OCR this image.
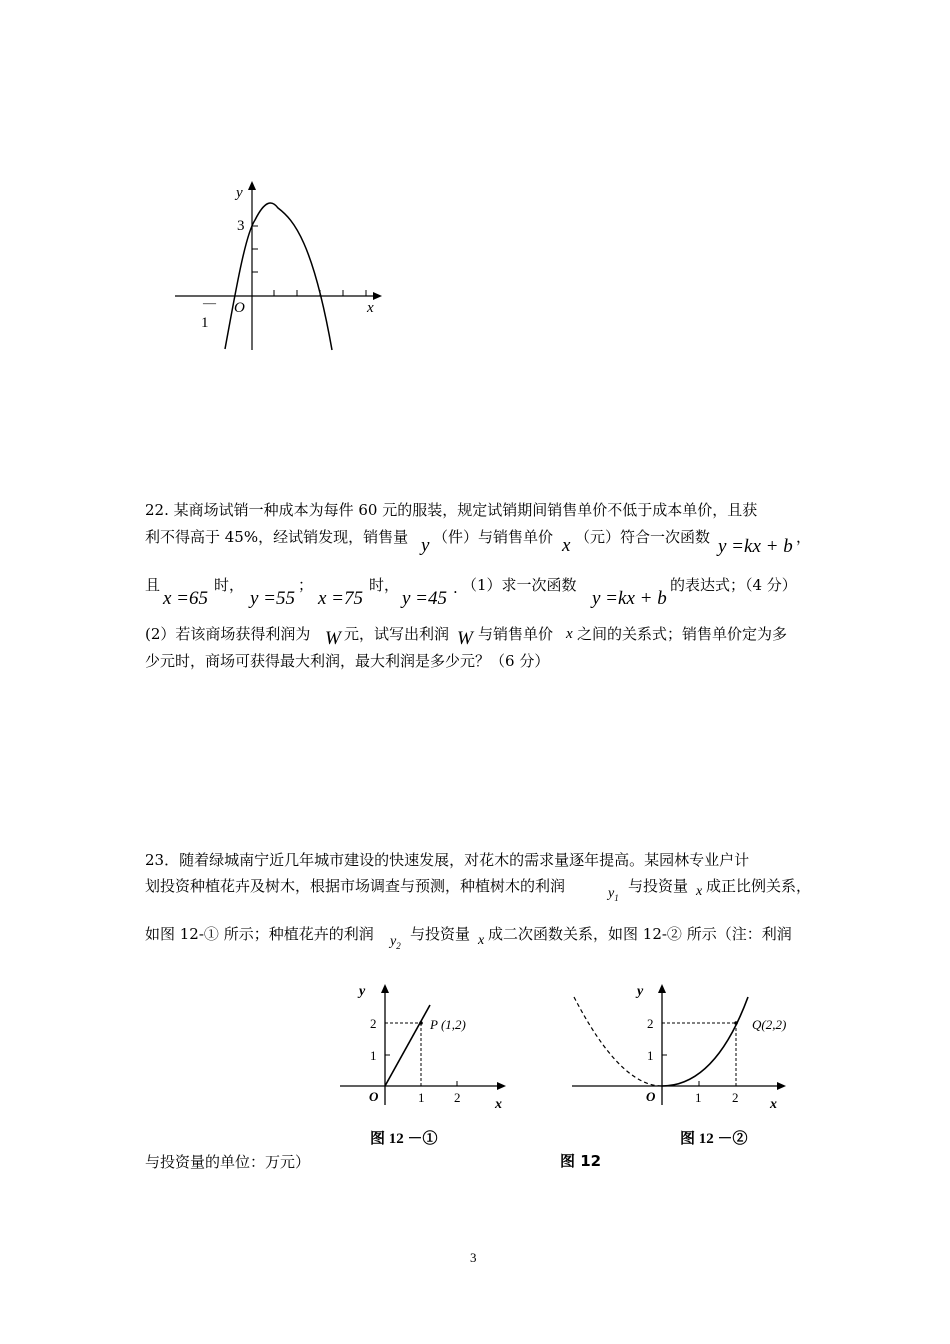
y
3
O	x
—
1
22. 某商场试销一种成本为每件 60 元的服装，规定试销期间销售单价不低于成本单价，且获
利不得高于 45%，经试销发现，销售量 y （件）与销售单价 x （元）符合一次函数 y =kx + b ，
且
x =65
时，
y =55
；
x =75
时，
y =45 . （1）求一次函数
y =kx + b
的表达式；（4 分）
(2）若该商场获得利润为 W 元，试写出利润 W 与销售单价 x 之间的关系式；销售单价定为多
少元时，商场可获得最大利润，最大利润是多少元？（6 分）
23．随着绿城南宁近几年城市建设的快速发展，对花木的需求量逐年提高。某园林专业户计
划投资种植花卉及树木，根据市场调查与预测，种植树木的利润	$y_1$
与投资量 x 成正比例关系，
如图 12-① 所示；种植花卉的利润 $y_2$
与投资量 x 成二次函数关系，如图 12-② 所示（注：利润
y
2
1
O	1 2 x
P (1,2)
图 12 －①
y
2
1
O	1 2 x
Q(2,2)
图 12 －②
图 12
与投资量的单位：万元）
3
